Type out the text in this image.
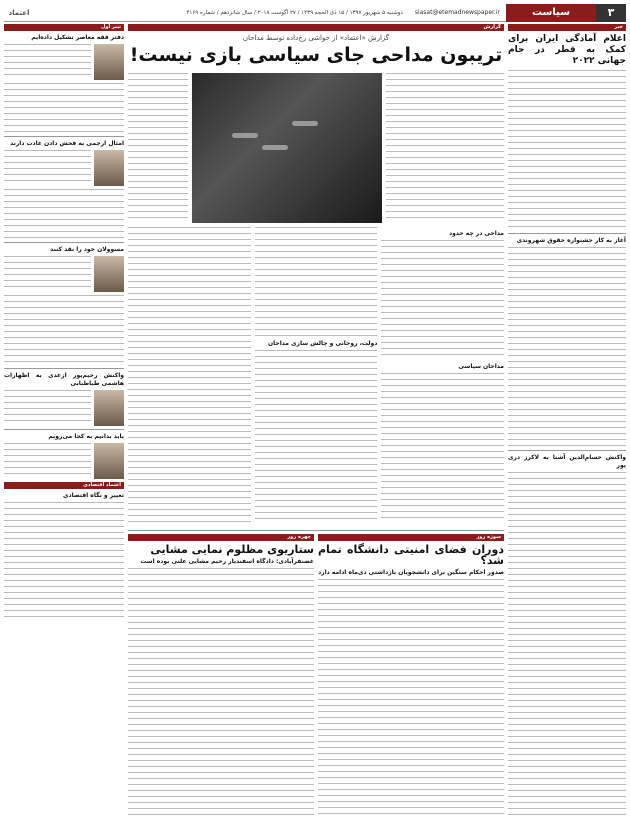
۳
سیاست
siasat@etemadnewspaper.ir
دوشنبه ۵ شهریور ۱۳۹۷ / ۱۵ ذی الحجه ۱۴۳۹ / ۲۷ آگوست ۲۰۱۸ / سال شانزدهم / شماره ۴۱۶۹
اعتماد
خبر
اعلام آمادگی ایران برای کمک به قطر در جام جهانی ۲۰۲۲
آغاز به کار جشنواره حقوق شهروندی
واکنش حسام‌الدین آشنا به لاکرز دری پور
گزارش
گزارش «اعتماد» از حواشی رخ‌داده توسط مداحان
تریبون مداحی جای سیاسی بازی نیست!
مداحی در چه حدود
مداحان سیاسی
دولت، روحانی و چالش سازی مداحان
سوژه روز
دوران فضای امنیتی دانشگاه تمام شد؟
صدور احکام سنگین برای دانشجویان بازداشتی دی‌ماه ادامه دارد
چهره روز
ستاریوی مظلوم نمایی مشایی
غضنفرآبادی: دادگاه اسفندیار رحیم مشایی علنی بوده است
تیتر اول
دفتر فقه معاصر تشکیل داده‌ایم
امثال ارجمی به فحش دادن عادت دارند
مسوولان خود را نقد کنند
واکنش رحیم‌پور ازغدی به اظهارات هاشمی طباطبایی
باید بدانیم به کجا می‌رویم
اعتماد اقتصادی
تغییر و نگاه اقتصادی
